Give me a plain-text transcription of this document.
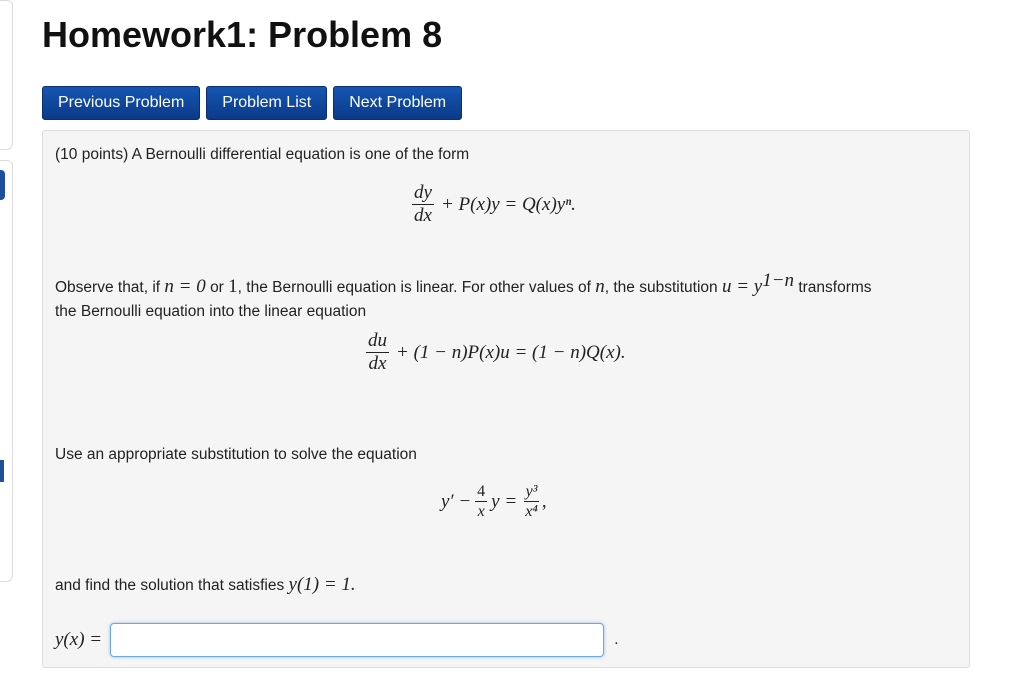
Homework1: Problem 8
Previous Problem	Problem List	Next Problem

(10 points) A Bernoulli differential equation is one of the form

$\frac{dy}{dx} + P(x)y = Q(x)y^n$.

Observe that, if n = 0 or 1, the Bernoulli equation is linear. For other values of n, the substitution $u = y^{1-n}$ transforms
the Bernoulli equation into the linear equation

$\frac{du}{dx} + (1 - n)P(x)u = (1 - n)Q(x)$.

Use an appropriate substitution to solve the equation

$y' - \frac{4}{x}$ $y = \frac{\text{y³}}{\text{x⁴}}$ ,

and find the solution that satisfies y(1) = 1.

y(x) =	.
